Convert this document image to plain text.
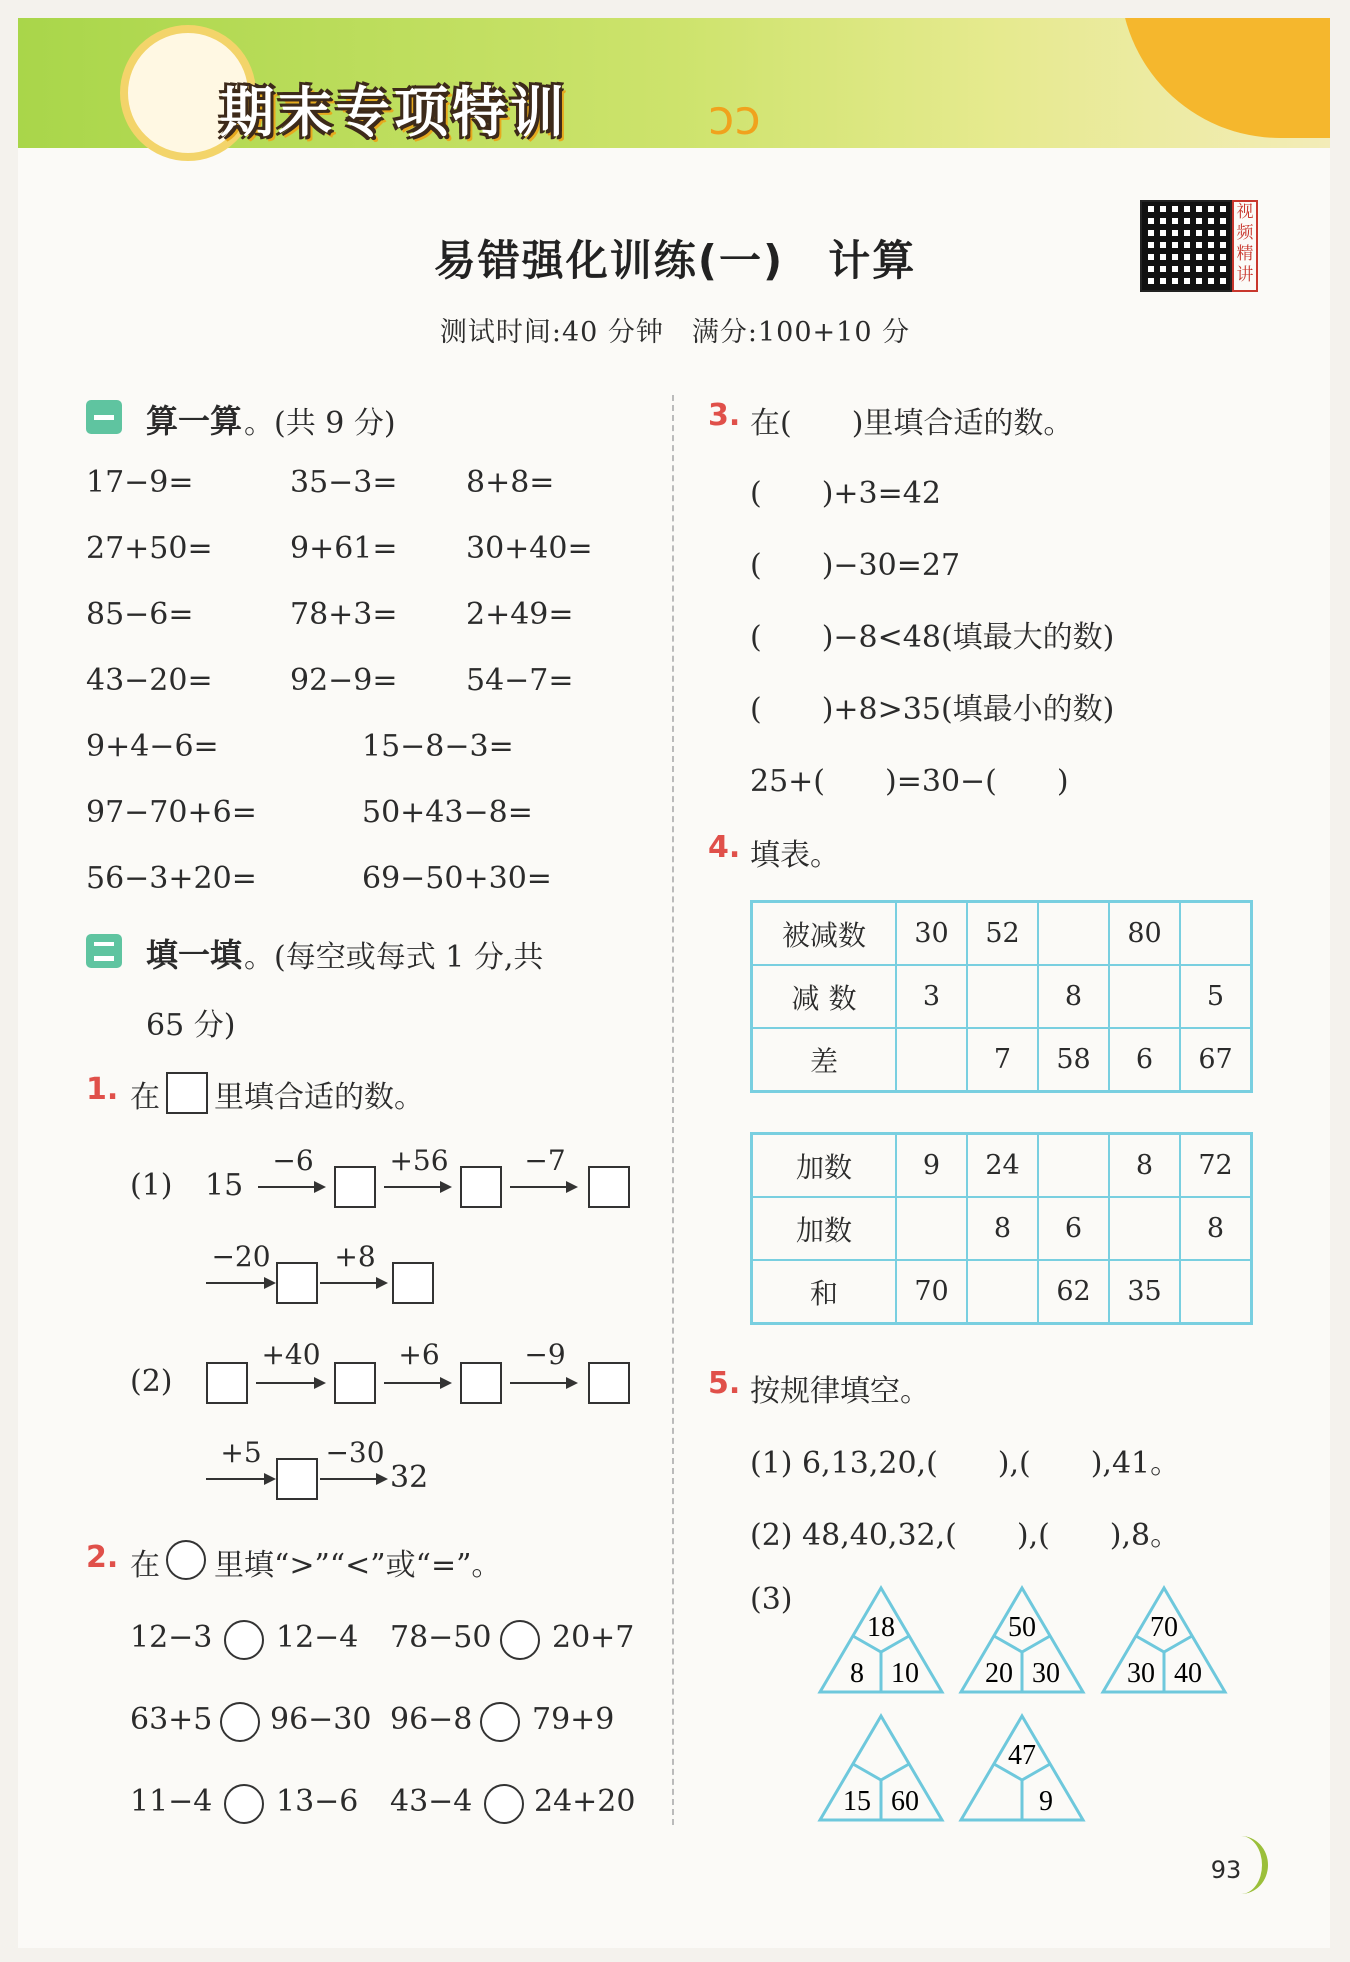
期末专项特训	ↄↄ
易错强化训练(一)　计算
测试时间:40 分钟　满分:100+10 分
视频精讲
算一算 。(共 9 分)
17−9=	35−3= 8+8=
27+50=	9+61= 30+40=
85−6=	78+3= 2+49=
43−20=	92−9= 54−7=
9+4−6=	15−8−3=
97−70+6=	50+43−8=
56−3+20=	69−50+30=
填一填 。(每空或每式 1 分,共
65 分)
1. 在 里填合适的数。
(1) 15
−6	+56	−7
−20	+8
(2)
+40	+6	−9
+5	−30
32
2. 在 里填“>”“<”或“=”。
12−3 12−4 78−50 20+7
63+5 96−30 96−8 79+9
11−4 13−6 43−4 24+20
3. 在(　　)里填合适的数。
(　　)+3=42
(　　)−30=27
(　　)−8<48(填最大的数)
(　　)+8>35(填最小的数)
25+(　　)=30−(　　)
4. 填表。
被减数	30	52		80	
减 数	3		8		5
差		7	58	6	67
加数	9	24		8	72
加数		8	6		8
和	70		62	35	
5. 按规律填空。
(1) 6,13,20,(　　),(　　),41。
(2) 48,40,32,(　　),(　　),8。
(3)
18
8 10
50
20 30
70
30 40
15 60
47
9
93
